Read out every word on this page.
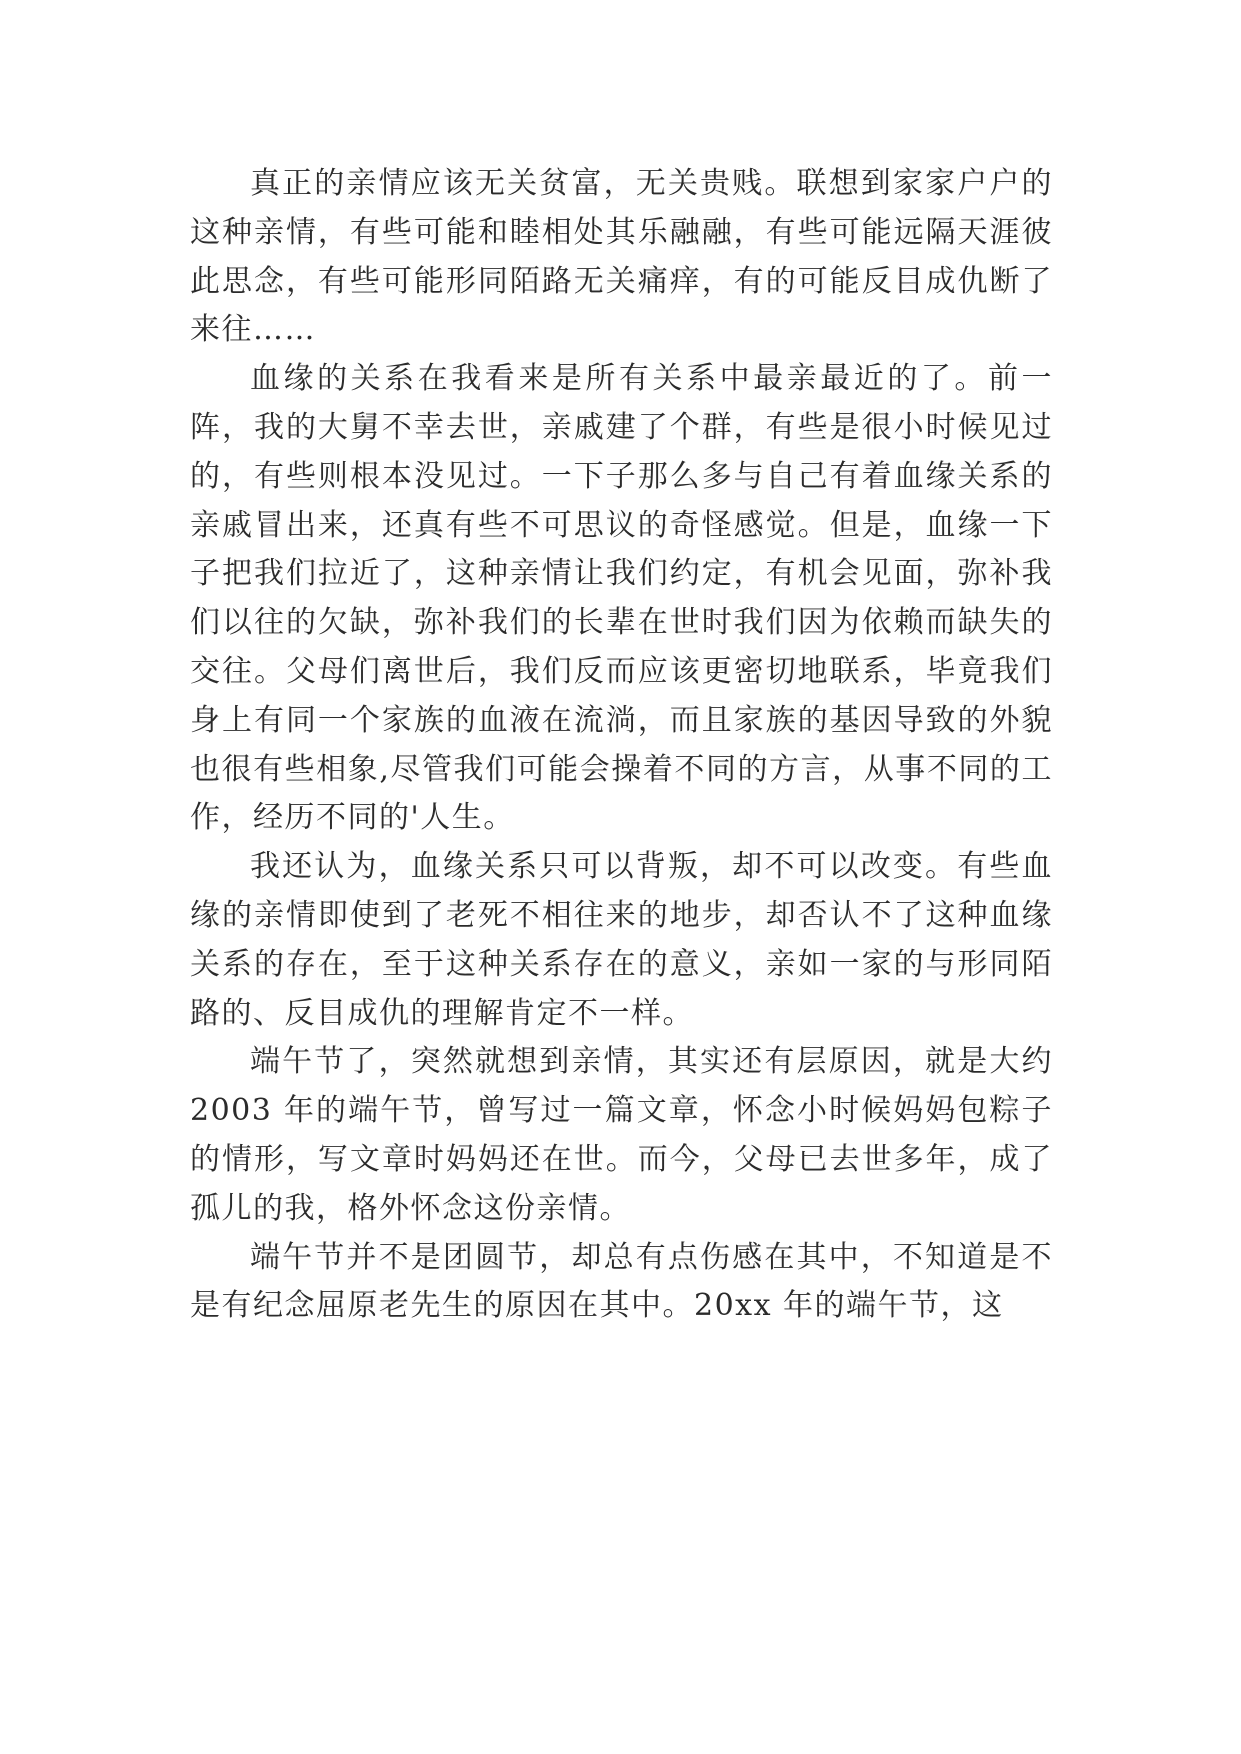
真正的亲情应该无关贫富，无关贵贱。联想到家家户户的这种亲情，有些可能和睦相处其乐融融，有些可能远隔天涯彼此思念，有些可能形同陌路无关痛痒，有的可能反目成仇断了来往……

血缘的关系在我看来是所有关系中最亲最近的了。前一阵，我的大舅不幸去世，亲戚建了个群，有些是很小时候见过的，有些则根本没见过。一下子那么多与自己有着血缘关系的亲戚冒出来，还真有些不可思议的奇怪感觉。但是，血缘一下子把我们拉近了，这种亲情让我们约定，有机会见面，弥补我们以往的欠缺，弥补我们的长辈在世时我们因为依赖而缺失的交往。父母们离世后，我们反而应该更密切地联系，毕竟我们身上有同一个家族的血液在流淌，而且家族的基因导致的外貌也很有些相象,尽管我们可能会操着不同的方言，从事不同的工作，经历不同的'人生。

我还认为，血缘关系只可以背叛，却不可以改变。有些血缘的亲情即使到了老死不相往来的地步，却否认不了这种血缘关系的存在，至于这种关系存在的意义，亲如一家的与形同陌路的、反目成仇的理解肯定不一样。

端午节了，突然就想到亲情，其实还有层原因，就是大约 2003 年的端午节，曾写过一篇文章，怀念小时候妈妈包粽子的情形，写文章时妈妈还在世。而今，父母已去世多年，成了孤儿的我，格外怀念这份亲情。

端午节并不是团圆节，却总有点伤感在其中，不知道是不是有纪念屈原老先生的原因在其中。20xx 年的端午节，这
